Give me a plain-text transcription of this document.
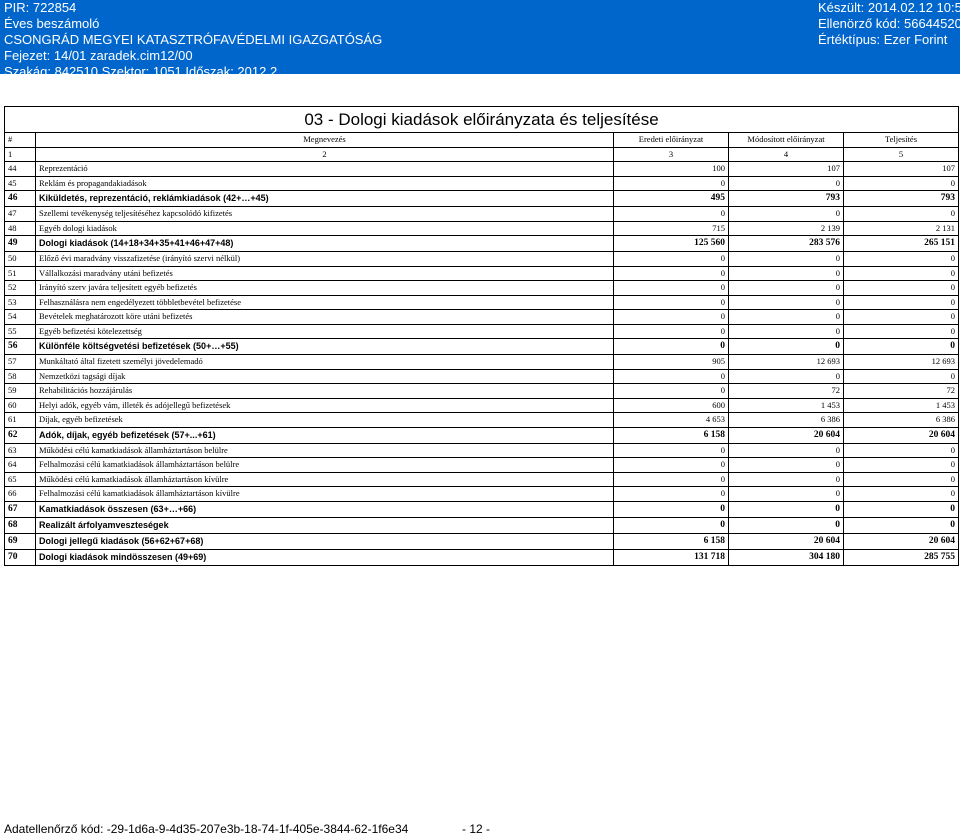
PIR: 722854
Éves beszámoló
CSONGRÁD MEGYEI KATASZTRÓFAVÉDELMI IGAZGATÓSÁG
Fejezet: 14/01 zaradek.cim12/00
Szakág: 842510 Szektor: 1051 Időszak: 2012.2
Készült: 2014.02.12 10:51
Ellenörző kód: 5664452026
Értéktípus: Ezer Forint
03 - Dologi kiadások előirányzata és teljesítése				
#	Megnevezés	Eredeti előirányzat	Módosított előirányzat	Teljesítés
1	2	3	4	5
44	Reprezentáció	100	107	107
45	Reklám és propagandakiadások	0	0	0
46	Kiküldetés, reprezentáció, reklámkiadások (42+…+45)	495	793	793
47	Szellemi tevékenység teljesítéséhez kapcsolódó kifizetés	0	0	0
48	Egyéb dologi kiadások	715	2 139	2 131
49	Dologi kiadások (14+18+34+35+41+46+47+48)	125 560	283 576	265 151
50	Előző évi maradvány visszafizetése (irányító szervi nélkül)	0	0	0
51	Vállalkozási maradvány utáni befizetés	0	0	0
52	Irányító szerv javára teljesített egyéb befizetés	0	0	0
53	Felhasználásra nem engedélyezett többletbevétel befizetése	0	0	0
54	Bevételek meghatározott köre utáni befizetés	0	0	0
55	Egyéb befizetési kötelezettség	0	0	0
56	Különféle költségvetési befizetések (50+…+55)	0	0	0
57	Munkáltató által fizetett személyi jövedelemadó	905	12 693	12 693
58	Nemzetközi tagsági díjak	0	0	0
59	Rehabilitációs hozzájárulás	0	72	72
60	Helyi adók, egyéb vám, illeték és adójellegű befizetések	600	1 453	1 453
61	Díjak, egyéb befizetések	4 653	6 386	6 386
62	Adók, díjak, egyéb befizetések (57+...+61)	6 158	20 604	20 604
63	Működési célú kamatkiadások államháztartáson belülre	0	0	0
64	Felhalmozási célú kamatkiadások államháztartáson belülre	0	0	0
65	Működési célú kamatkiadások államháztartáson kívülre	0	0	0
66	Felhalmozási célú kamatkiadások államháztartáson kívülre	0	0	0
67	Kamatkiadások összesen (63+…+66)	0	0	0
68	Realizált árfolyamveszteségek	0	0	0
69	Dologi jellegű kiadások (56+62+67+68)	6 158	20 604	20 604
70	Dologi kiadások mindösszesen (49+69)	131 718	304 180	285 755
Adatellenőrző kód: -29-1d6a-9-4d35-207e3b-18-74-1f-405e-3844-62-1f6e34	- 12 -
